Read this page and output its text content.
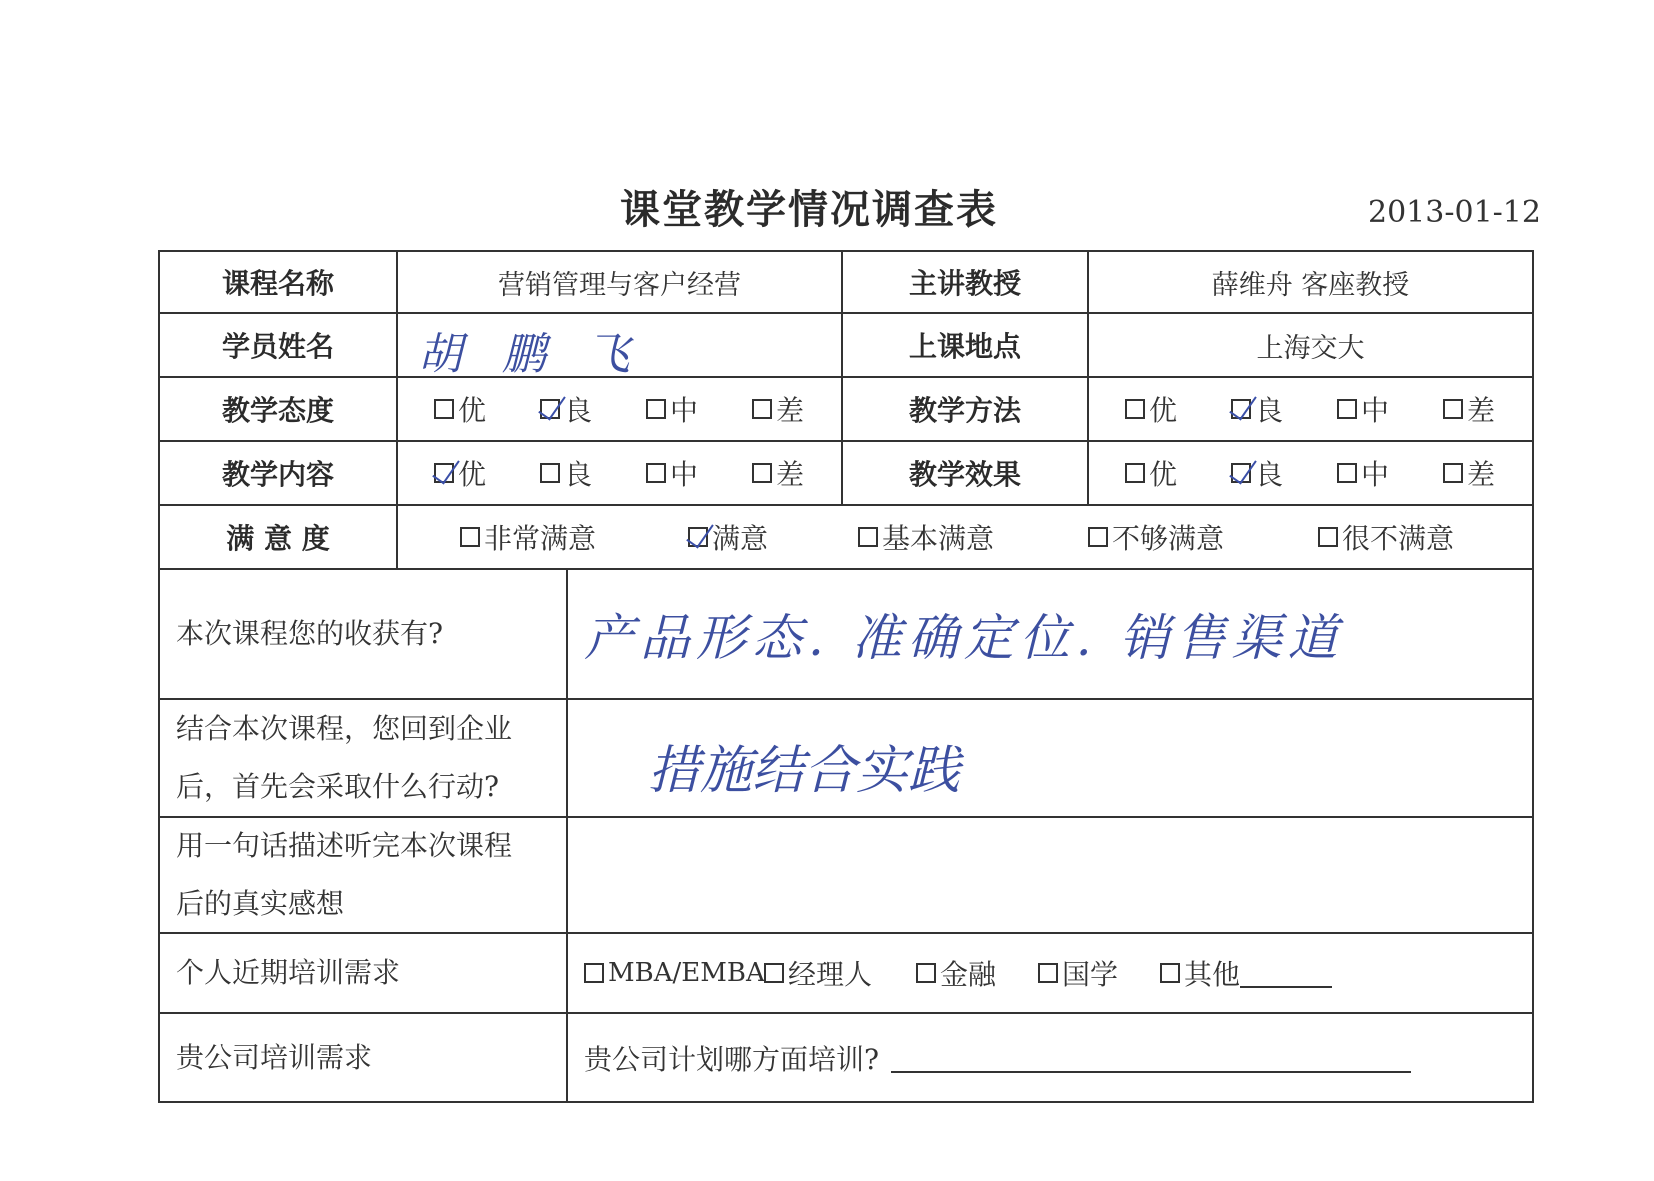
课堂教学情况调查表	2013-01-12
课程名称	营销管理与客户经营	主讲教授	薛维舟 客座教授
学员姓名	胡鹏飞	上课地点	上海交大
教学态度	优	良	中	差	教学方法	优	良	中	差
教学内容	优	良	中	差	教学效果	优	良	中	差
满 意 度	非常满意	满意	基本满意	不够满意	很不满意
本次课程您的收获有?	产品形态. 准确定位. 销售渠道
结合本次课程，您回到企业
后，首先会采取什么行动?	措施结合实践
用一句话描述听完本次课程
后的真实感想
个人近期培训需求	MBA/EMBA 经理人 金融 国学 其他
贵公司培训需求	贵公司计划哪方面培训?
